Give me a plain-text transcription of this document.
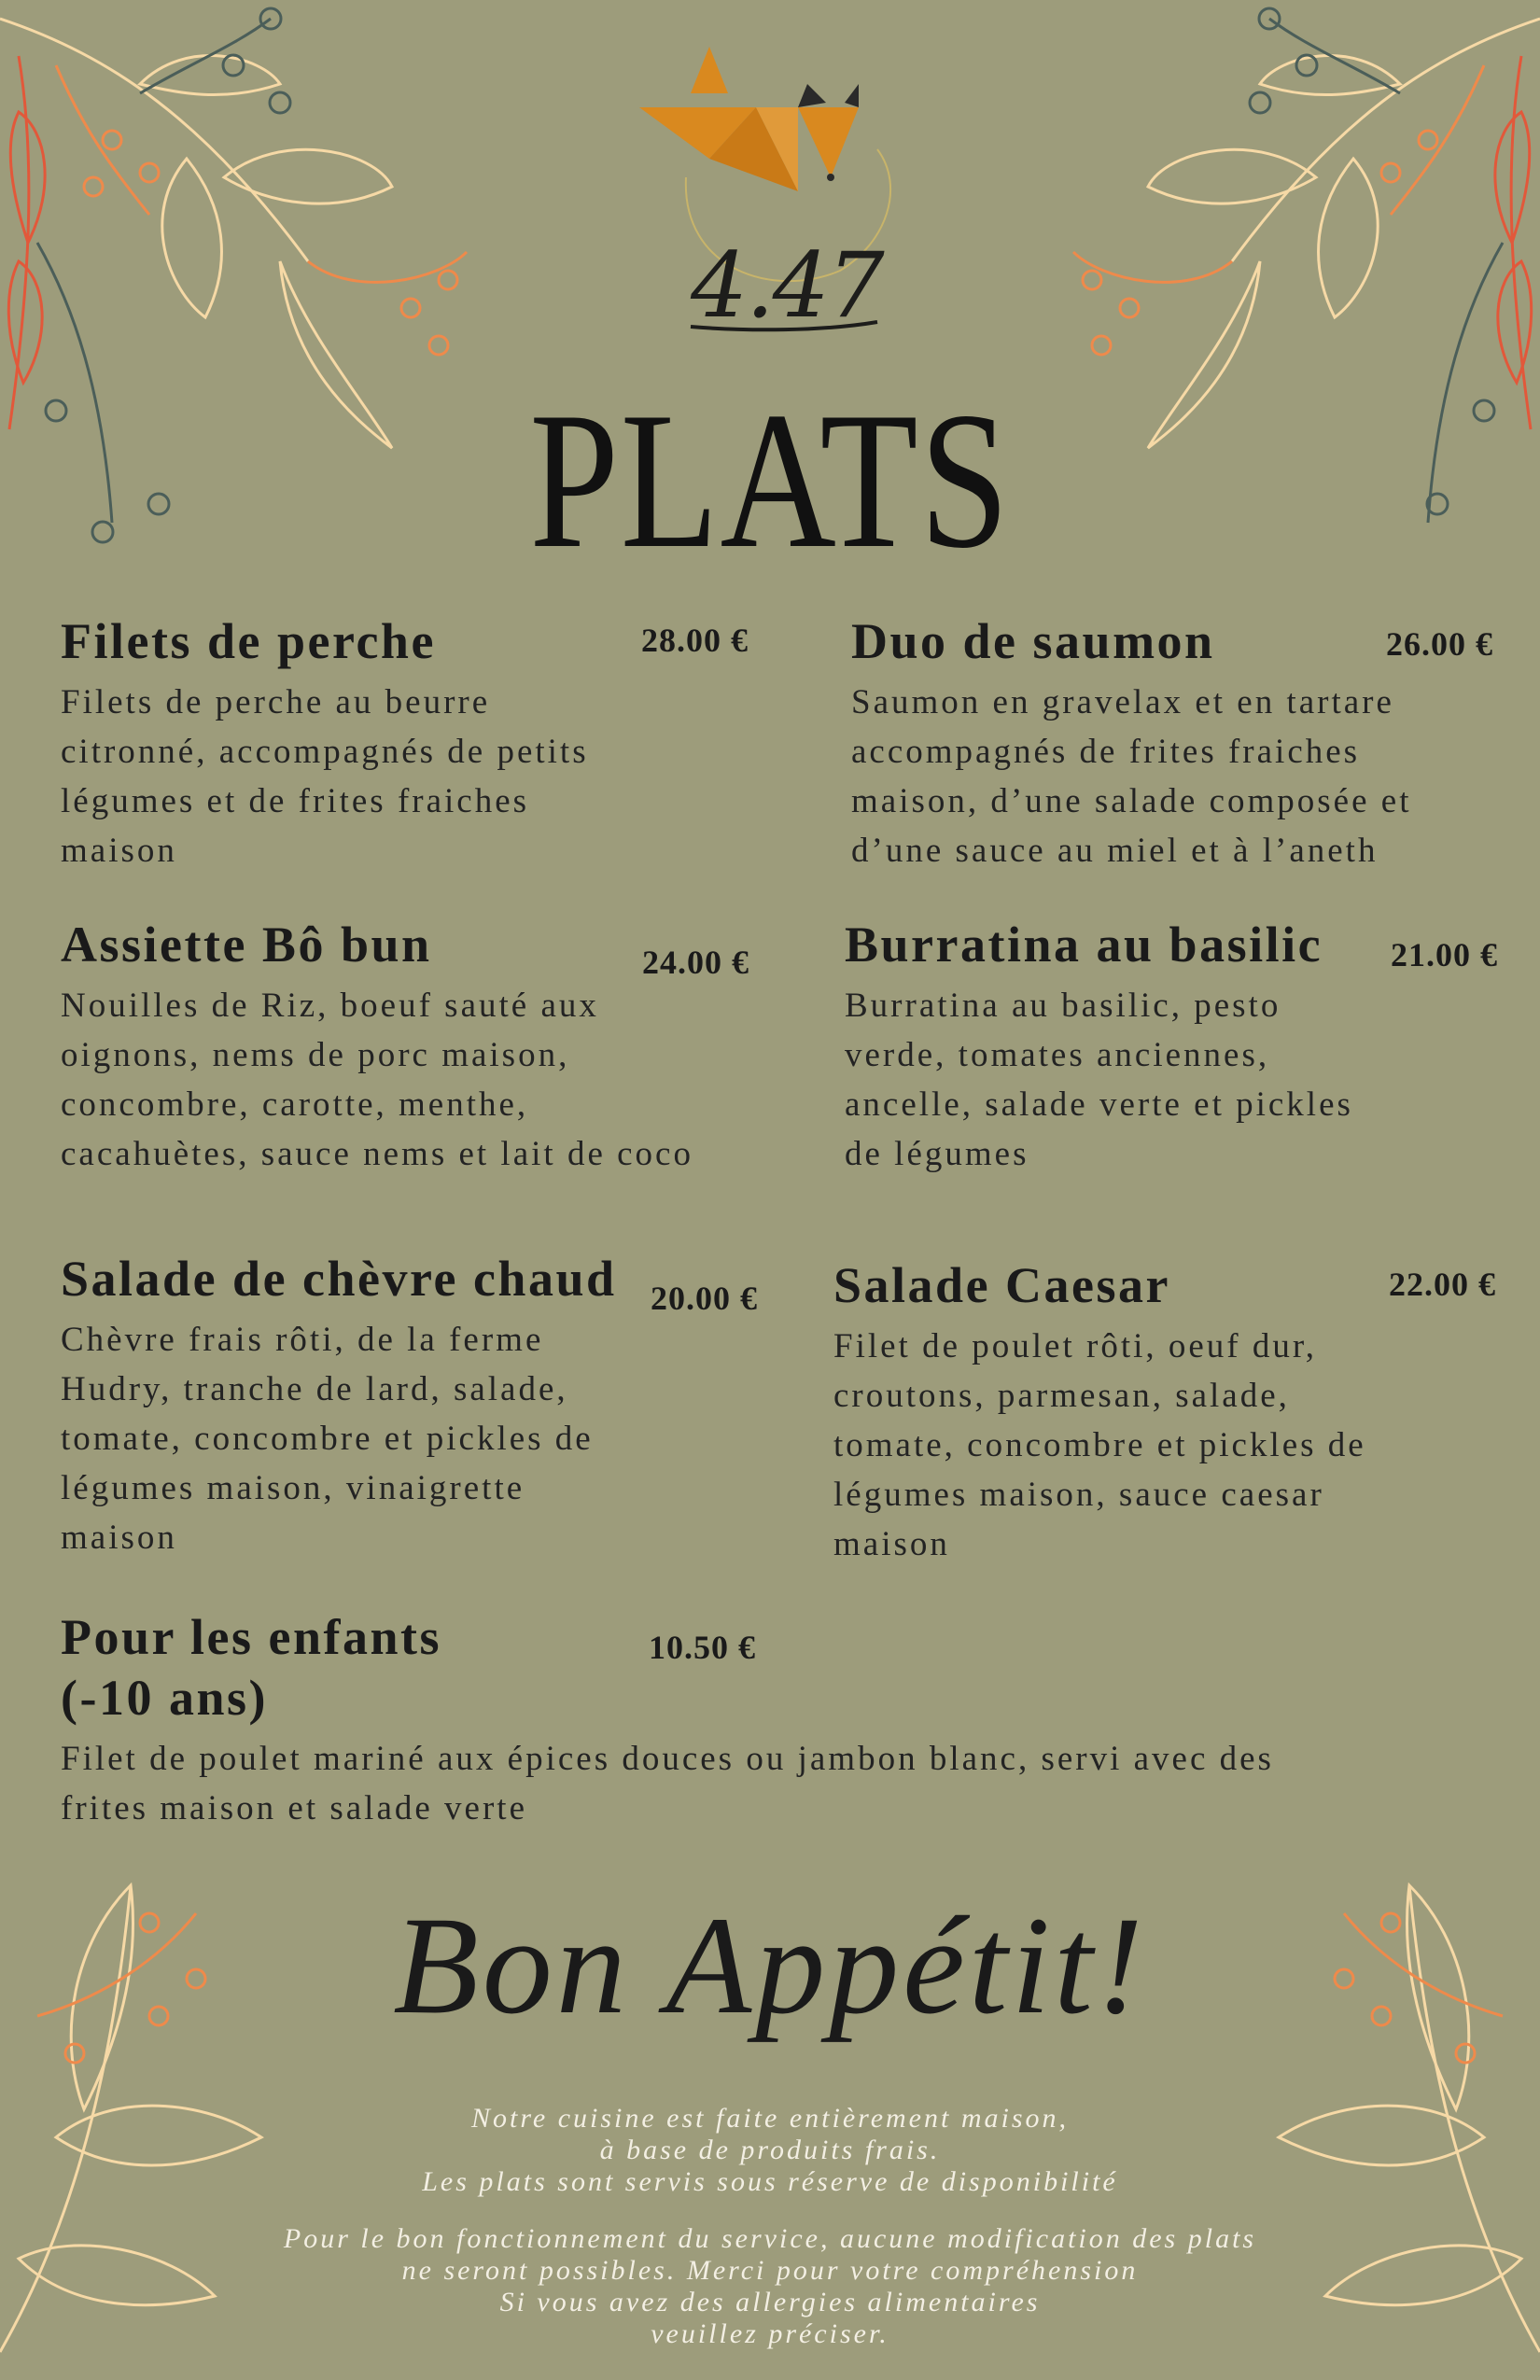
4.47
PLATS
Filets de perche	28.00 €
Filets de perche au beurre
citronné, accompagnés de petits
légumes et de frites fraiches
maison
Duo de saumon	26.00 €
Saumon en gravelax et en tartare
accompagnés de frites fraiches
maison, d’une salade composée et
d’une sauce au miel et à l’aneth
Assiette Bô bun	24.00 €
Nouilles de Riz, boeuf sauté aux
oignons, nems de porc maison,
concombre, carotte, menthe,
cacahuètes, sauce nems et lait de coco
Burratina au basilic	21.00 €
Burratina au basilic, pesto
verde, tomates anciennes,
ancelle, salade verte et pickles
de légumes
Salade de chèvre chaud	20.00 €
Chèvre frais rôti, de la ferme
Hudry, tranche de lard, salade,
tomate, concombre et pickles de
légumes maison, vinaigrette
maison
Salade Caesar	22.00 €
Filet de poulet rôti, oeuf dur,
croutons, parmesan, salade,
tomate, concombre et pickles de
légumes maison, sauce caesar
maison
Pour les enfants
(-10 ans)
10.50 €
Filet de poulet mariné aux épices douces ou jambon blanc, servi avec des
frites maison et salade verte
Bon Appétit!
Notre cuisine est faite entièrement maison,
à base de produits frais.
Les plats sont servis sous réserve de disponibilité
Pour le bon fonctionnement du service, aucune modification des plats
ne seront possibles. Merci pour votre compréhension
Si vous avez des allergies alimentaires
veuillez préciser.
